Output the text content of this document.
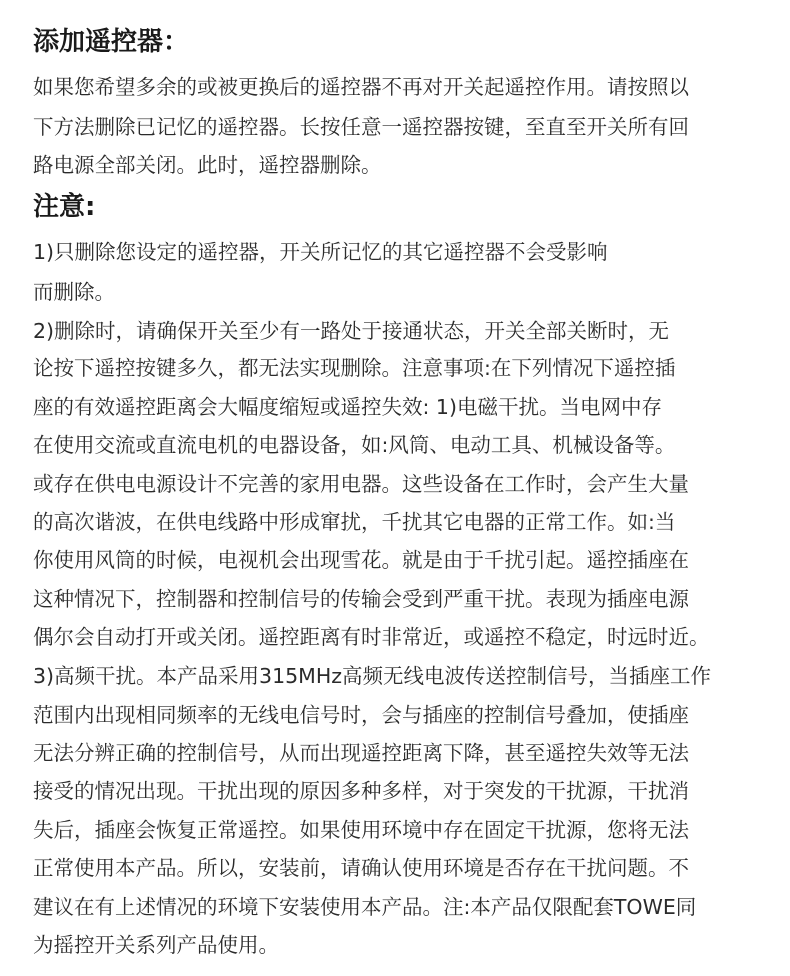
添加遥控器：
如果您希望多余的或被更换后的遥控器不再对开关起遥控作用。请按照以
下方法删除已记忆的遥控器。长按任意一遥控器按键，至直至开关所有回
路电源全部关闭。此时，遥控器删除。
注意:
1)只删除您设定的遥控器，开关所记忆的其它遥控器不会受影响
而删除。
2)删除时，请确保开关至少有一路处于接通状态，开关全部关断时，无
论按下遥控按键多久，都无法实现删除。注意事项:在下列情况下遥控插
座的有效遥控距离会大幅度缩短或遥控失效: 1)电磁干扰。当电网中存
在使用交流或直流电机的电器设备，如:风筒、电动工具、机械设备等。
或存在供电电源设计不完善的家用电器。这些设备在工作时，会产生大量
的高次谐波，在供电线路中形成窜扰，千扰其它电器的正常工作。如:当
你使用风筒的时候，电视机会出现雪花。就是由于千扰引起。遥控插座在
这种情况下，控制器和控制信号的传输会受到严重干扰。表现为插座电源
偶尔会自动打开或关闭。遥控距离有时非常近，或遥控不稳定，时远时近。
3)高频干扰。本产品采用315MHz高频无线电波传送控制信号，当插座工作
范围内出现相同频率的无线电信号时，会与插座的控制信号叠加，使插座
无法分辨正确的控制信号，从而出现遥控距离下降，甚至遥控失效等无法
接受的情况出现。干扰出现的原因多种多样，对于突发的干扰源，干扰消
失后，插座会恢复正常遥控。如果使用环境中存在固定干扰源，您将无法
正常使用本产品。所以，安装前，请确认使用环境是否存在干扰问题。不
建议在有上述情况的环境下安装使用本产品。注:本产品仅限配套TOWE同
为摇控开关系列产品使用。
